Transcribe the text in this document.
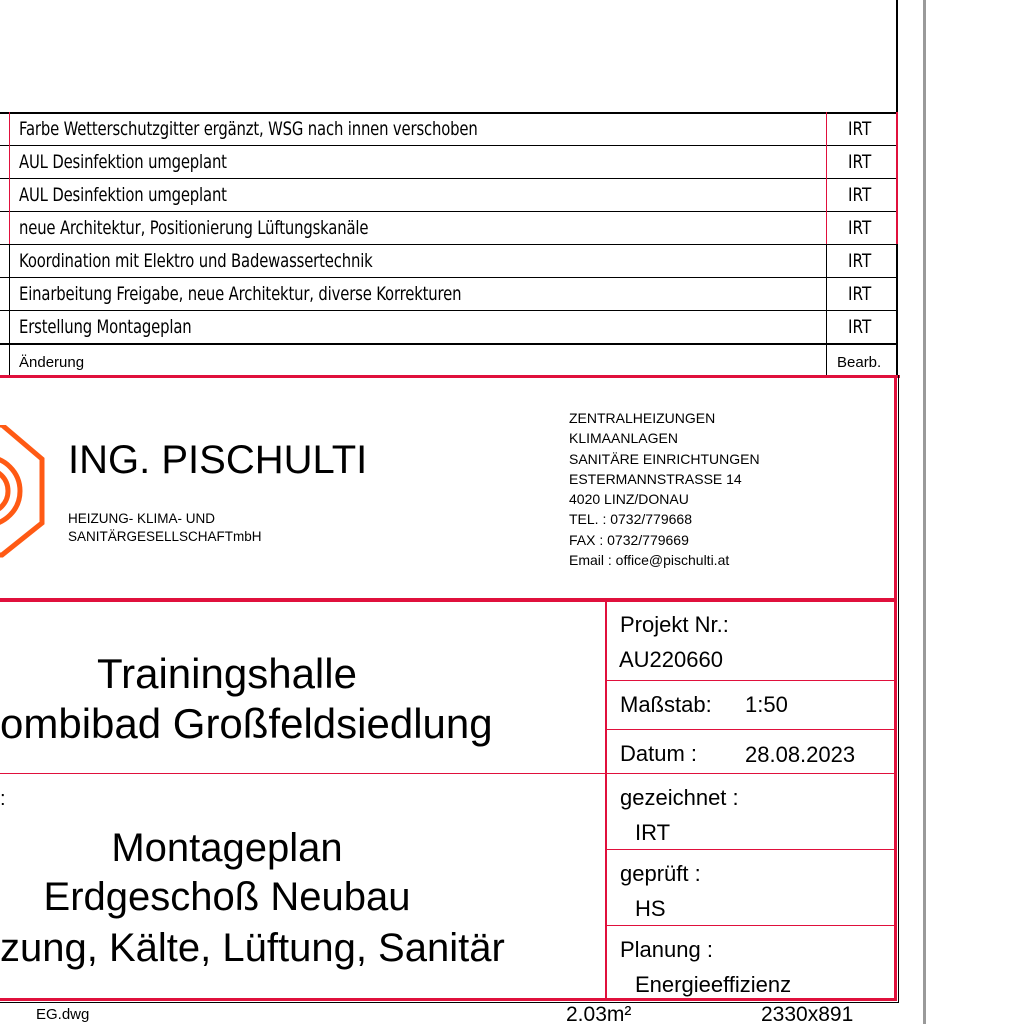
Farbe Wetterschutzgitter ergänzt, WSG nach innen verschoben	IRT
AUL Desinfektion umgeplant	IRT
AUL Desinfektion umgeplant	IRT
neue Architektur, Positionierung Lüftungskanäle	IRT
Koordination mit Elektro und Badewassertechnik	IRT
Einarbeitung Freigabe, neue Architektur, diverse Korrekturen	IRT
Erstellung Montageplan	IRT
Änderung	Bearb.
ING. PISCHULTI
HEIZUNG- KLIMA- UND
SANITÄRGESELLSCHAFTmbH
ZENTRALHEIZUNGEN
KLIMAANLAGEN
SANITÄRE EINRICHTUNGEN
ESTERMANNSTRASSE 14
4020 LINZ/DONAU
TEL. : 0732/779668
FAX : 0732/779669
Email : office@pischulti.at
Trainingshalle
ombibad Großfeldsiedlung
:
Montageplan
Erdgeschoß Neubau
zung, Kälte, Lüftung, Sanitär
Projekt Nr.:
AU220660
Maßstab: 1:50
Datum : 28.08.2023
gezeichnet :
IRT
geprüft :
HS
Planung :
Energieeffizienz
EG.dwg	2.03m²	2330x891
